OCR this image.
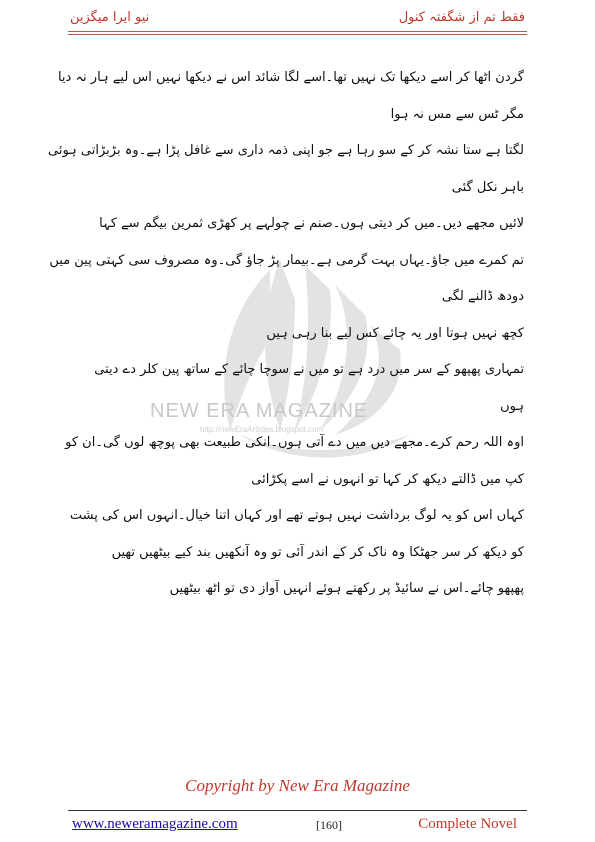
فقط تم از شگفتہ کنول
نیو ایرا میگزین
NEW ERA MAGAZINE
http://newEraArticles.blogspot.com

گردن اٹھا کر اسے دیکھا تک نہیں تھا۔اسے لگا شائد اس نے دیکھا نہیں اس لیے ہار نہ دیا
مگر ٹس سے مس نہ ہوا

لگتا ہے ستا نشہ کر کے سو رہا ہے جو اپنی ذمہ داری سے غافل پڑا ہے۔وہ بڑبڑاتی ہوئی
باہر نکل گئی

لائیں مجھے دیں۔میں کر دیتی ہوں۔صنم نے چولہے پر کھڑی ثمرین بیگم سے کہا

تم کمرے میں جاؤ۔یہاں بہت گرمی ہے۔بیمار پڑ جاؤ گی۔وہ مصروف سی کہتی پین میں
دودھ ڈالنے لگی

کچھ نہیں ہوتا اور یہ چائے کس لیے بنا رہی ہیں

تمہاری پھپھو کے سر میں درد ہے تو میں نے سوچا چائے کے ساتھ پین کلر دے دیتی
ہوں

اوہ اللہ رحم کرے۔مجھے دیں میں دے آتی ہوں۔انکی طبیعت بھی پوچھ لوں گی۔ان کو
کپ میں ڈالتے دیکھ کر کہا تو انہوں نے اسے پکڑائی

کہاں اس کو یہ لوگ برداشت نہیں ہوتے تھے اور کہاں اتنا خیال۔انہوں اس کی پشت
کو دیکھ کر سر جھٹکا وہ ناک کر کے اندر آئی تو وہ آنکھیں بند کیے بیٹھیں تھیں
پھپھو چائے۔اس نے سائیڈ پر رکھتے ہوئے انہیں آواز دی تو اٹھ بیٹھیں

Copyright by New Era Magazine
www.neweramagazine.com	[160]	Complete Novel
